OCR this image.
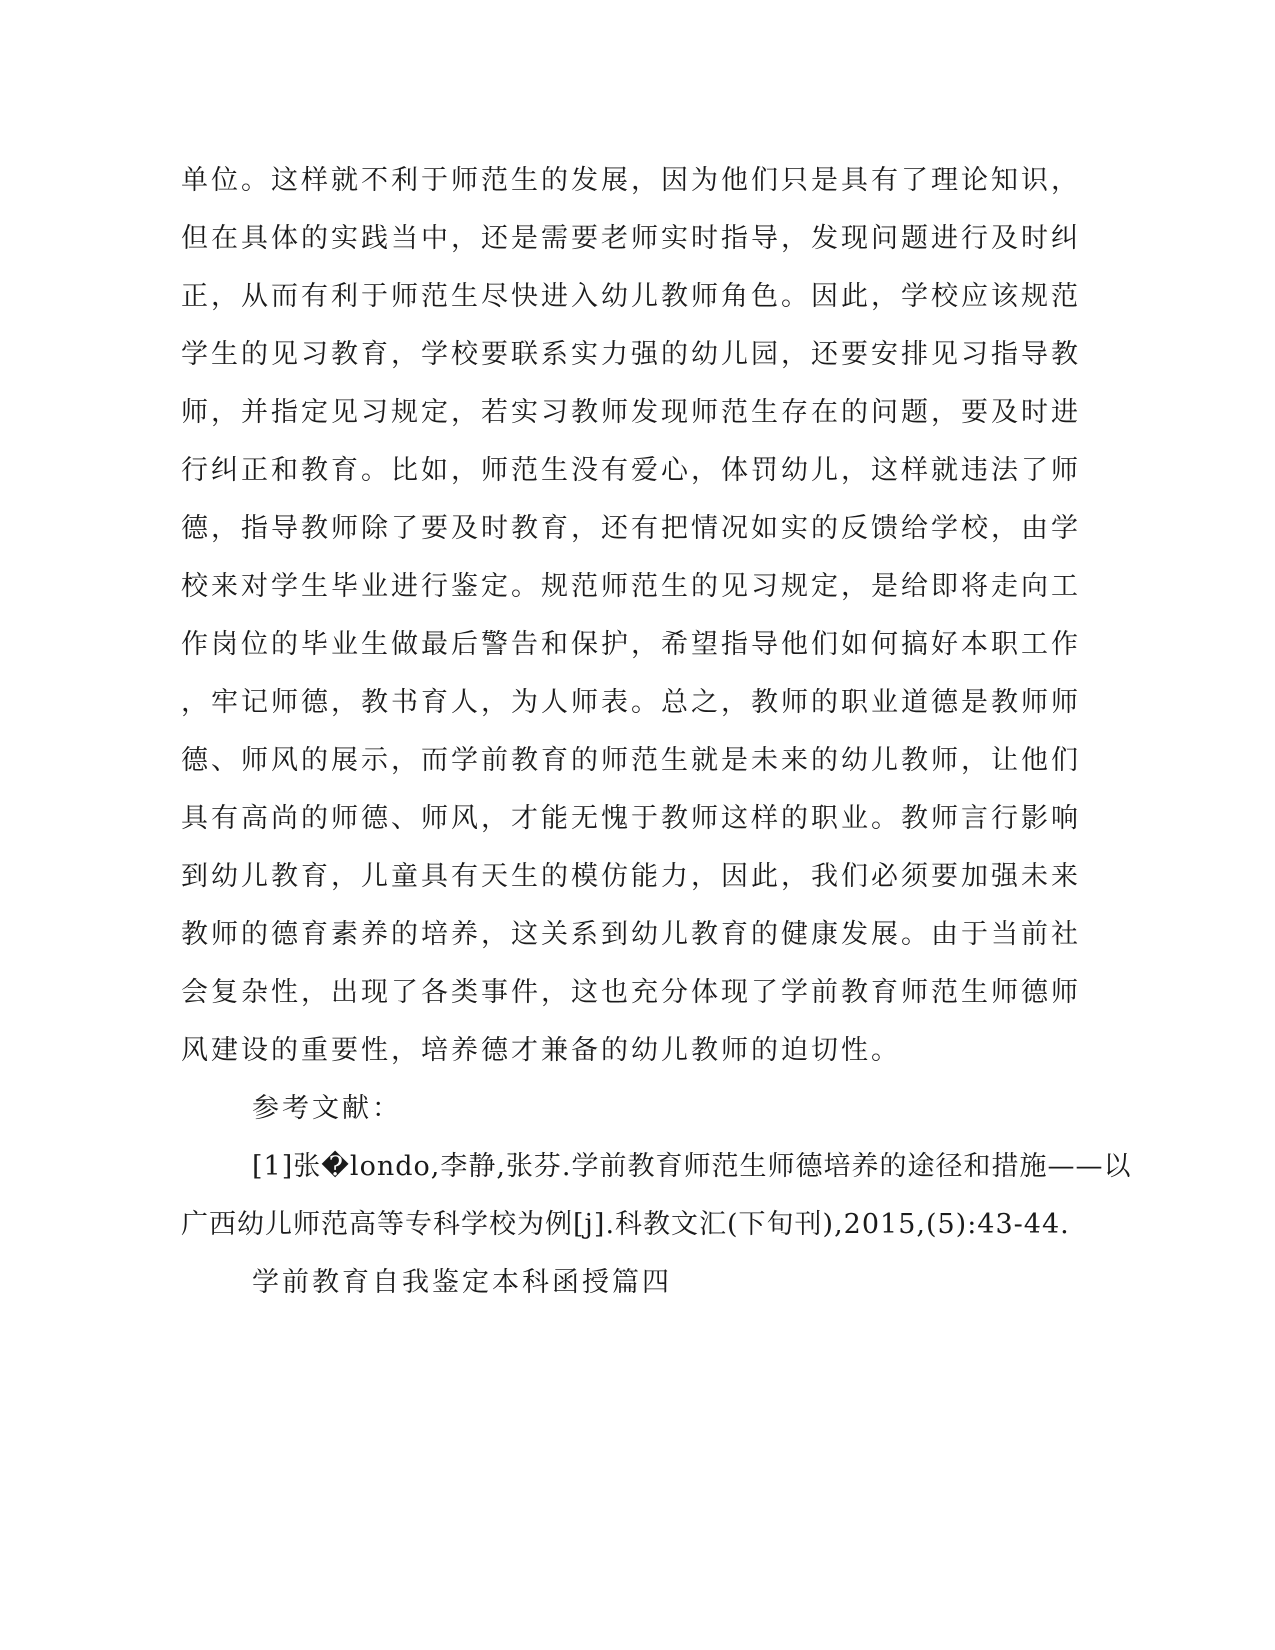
单位。这样就不利于师范生的发展，因为他们只是具有了理论知识，

但在具体的实践当中，还是需要老师实时指导，发现问题进行及时纠

正，从而有利于师范生尽快进入幼儿教师角色。因此，学校应该规范

学生的见习教育，学校要联系实力强的幼儿园，还要安排见习指导教

师，并指定见习规定，若实习教师发现师范生存在的问题，要及时进

行纠正和教育。比如，师范生没有爱心，体罚幼儿，这样就违法了师

德，指导教师除了要及时教育，还有把情况如实的反馈给学校，由学

校来对学生毕业进行鉴定。规范师范生的见习规定，是给即将走向工

作岗位的毕业生做最后警告和保护，希望指导他们如何搞好本职工作

，牢记师德，教书育人，为人师表。总之，教师的职业道德是教师师

德、师风的展示，而学前教育的师范生就是未来的幼儿教师，让他们

具有高尚的师德、师风，才能无愧于教师这样的职业。教师言行影响

到幼儿教育，儿童具有天生的模仿能力，因此，我们必须要加强未来

教师的德育素养的培养，这关系到幼儿教育的健康发展。由于当前社

会复杂性，出现了各类事件，这也充分体现了学前教育师范生师德师

风建设的重要性，培养德才兼备的幼儿教师的迫切性。

参考文献：

[1]张�londo,李静,张芬.学前教育师范生师德培养的途径和措施——以

广西幼儿师范高等专科学校为例[j].科教文汇(下旬刊),2015,(5):43-44.

学前教育自我鉴定本科函授篇四
